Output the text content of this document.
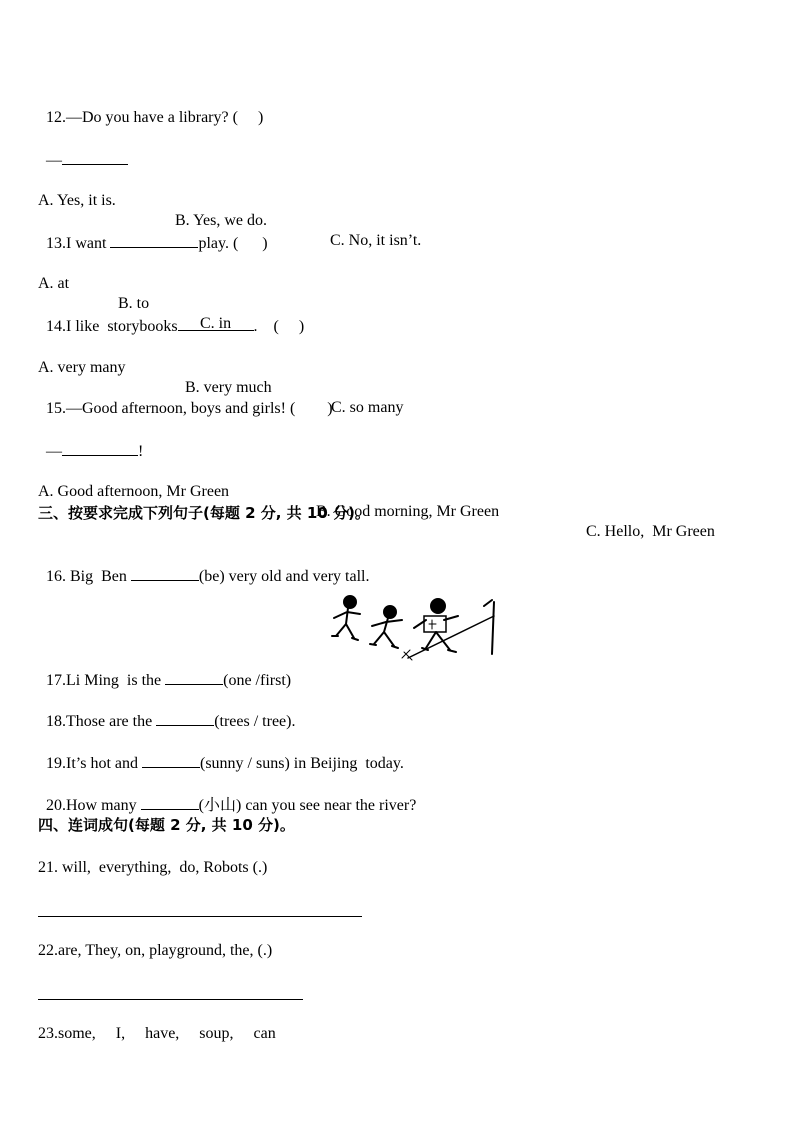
12.—Do you have a library? (     )

—

A. Yes, it is.

B. Yes, we do.

C. No, it isn’t.

13.I want	play. (      )

A. at

B. to

C. in

14.I like  storybooks	.    (     )

A. very many

B. very much

C. so many

15.—Good afternoon, boys and girls! (        )

—	!

A. Good afternoon, Mr Green

B. Good morning, Mr Green

C. Hello,  Mr Green

三、按要求完成下列句子(每题 2 分, 共 10 分)。

16. Big  Ben	(be) very old and very tall.

17.Li Ming  is the	(one /first)

18.Those are the	(trees / tree).

19.It’s hot and	(sunny / suns) in Beijing  today.

20.How many	(小山) can you see near the river?

四、连词成句(每题 2 分, 共 10 分)。
21. will,  everything,  do, Robots (.)
22.are, They, on, playground, the, (.)
23.some,     I,     have,     soup,     can
